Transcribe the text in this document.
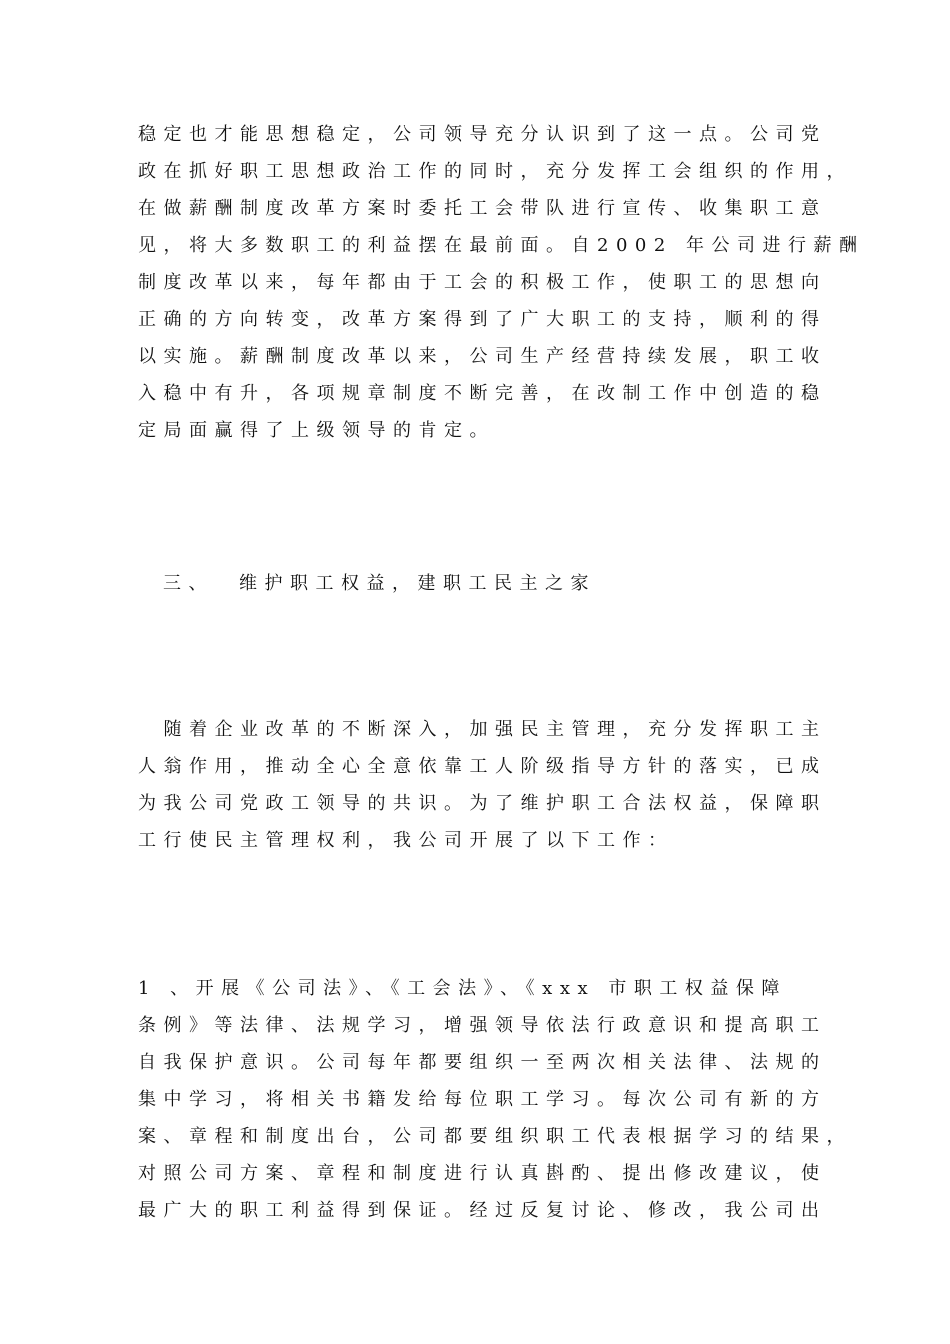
稳定也才能思想稳定，公司领导充分认识到了这一点。公司党
政在抓好职工思想政治工作的同时，充分发挥工会组织的作用，
在做薪酬制度改革方案时委托工会带队进行宣传、收集职工意
见，将大多数职工的利益摆在最前面。自2002 年公司进行薪酬
制度改革以来，每年都由于工会的积极工作，使职工的思想向
正确的方向转变，改革方案得到了广大职工的支持，顺利的得
以实施。薪酬制度改革以来，公司生产经营持续发展，职工收
入稳中有升，各项规章制度不断完善，在改制工作中创造的稳
定局面赢得了上级领导的肯定。
三、 维护职工权益，建职工民主之家
　随着企业改革的不断深入，加强民主管理，充分发挥职工主
人翁作用，推动全心全意依靠工人阶级指导方针的落实，已成
为我公司党政工领导的共识。为了维护职工合法权益，保障职
工行使民主管理权利，我公司开展了以下工作：
1 、开展《公司法》、《工会法》、《xxx 市职工权益保障
条例》等法律、法规学习，增强领导依法行政意识和提高职工
自我保护意识。公司每年都要组织一至两次相关法律、法规的
集中学习，将相关书籍发给每位职工学习。每次公司有新的方
案、章程和制度出台，公司都要组织职工代表根据学习的结果，
对照公司方案、章程和制度进行认真斟酌、提出修改建议，使
最广大的职工利益得到保证。经过反复讨论、修改，我公司出
